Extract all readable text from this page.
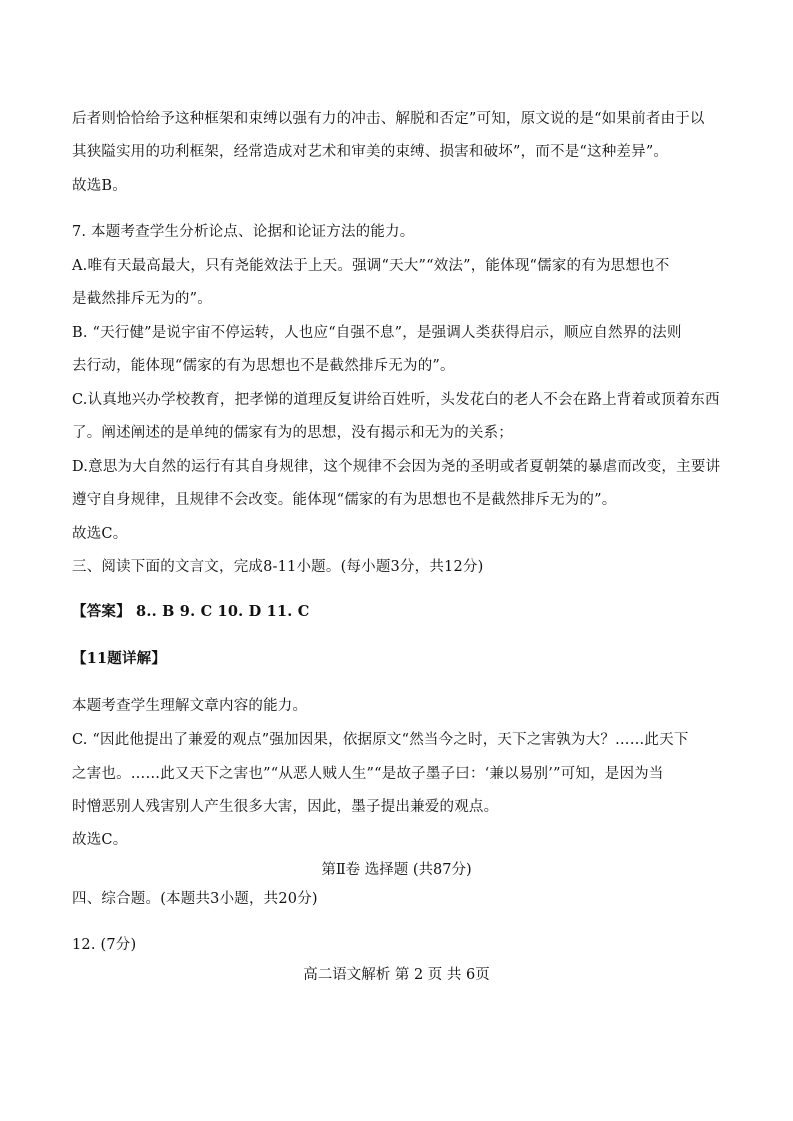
后者则恰恰给予这种框架和束缚以强有力的冲击、解脱和否定”可知，原文说的是“如果前者由于以
其狭隘实用的功利框架，经常造成对艺术和审美的束缚、损害和破坏”，而不是“这种差异”。
故选B。
7. 本题考查学生分析论点、论据和论证方法的能力。
A.唯有天最高最大，只有尧能效法于上天。强调“天大”“效法”，能体现“儒家的有为思想也不
是截然排斥无为的”。
B. “天行健”是说宇宙不停运转，人也应“自强不息”，是强调人类获得启示，顺应自然界的法则
去行动，能体现“儒家的有为思想也不是截然排斥无为的”。
C.认真地兴办学校教育，把孝悌的道理反复讲给百姓听，头发花白的老人不会在路上背着或顶着东西
了。阐述阐述的是单纯的儒家有为的思想，没有揭示和无为的关系；
D.意思为大自然的运行有其自身规律，这个规律不会因为尧的圣明或者夏朝桀的暴虐而改变，主要讲
遵守自身规律，且规律不会改变。能体现“儒家的有为思想也不是截然排斥无为的”。
故选C。
三、阅读下面的文言文，完成8-11小题。(每小题3分，共12分)
【答案】 8.. B 9. C 10. D 11. C
【11题详解】
本题考查学生理解文章内容的能力。
C. “因此他提出了兼爱的观点”强加因果，依据原文“然当今之时，天下之害孰为大？……此天下
之害也。……此又天下之害也”“从恶人贼人生”“是故子墨子曰：‘兼以易别’”可知，是因为当
时憎恶别人残害别人产生很多大害，因此，墨子提出兼爱的观点。
故选C。
第Ⅱ卷 选择题 (共87分)
四、综合题。(本题共3小题，共20分)
12. (7分)
高二语文解析 第 2 页 共 6页
